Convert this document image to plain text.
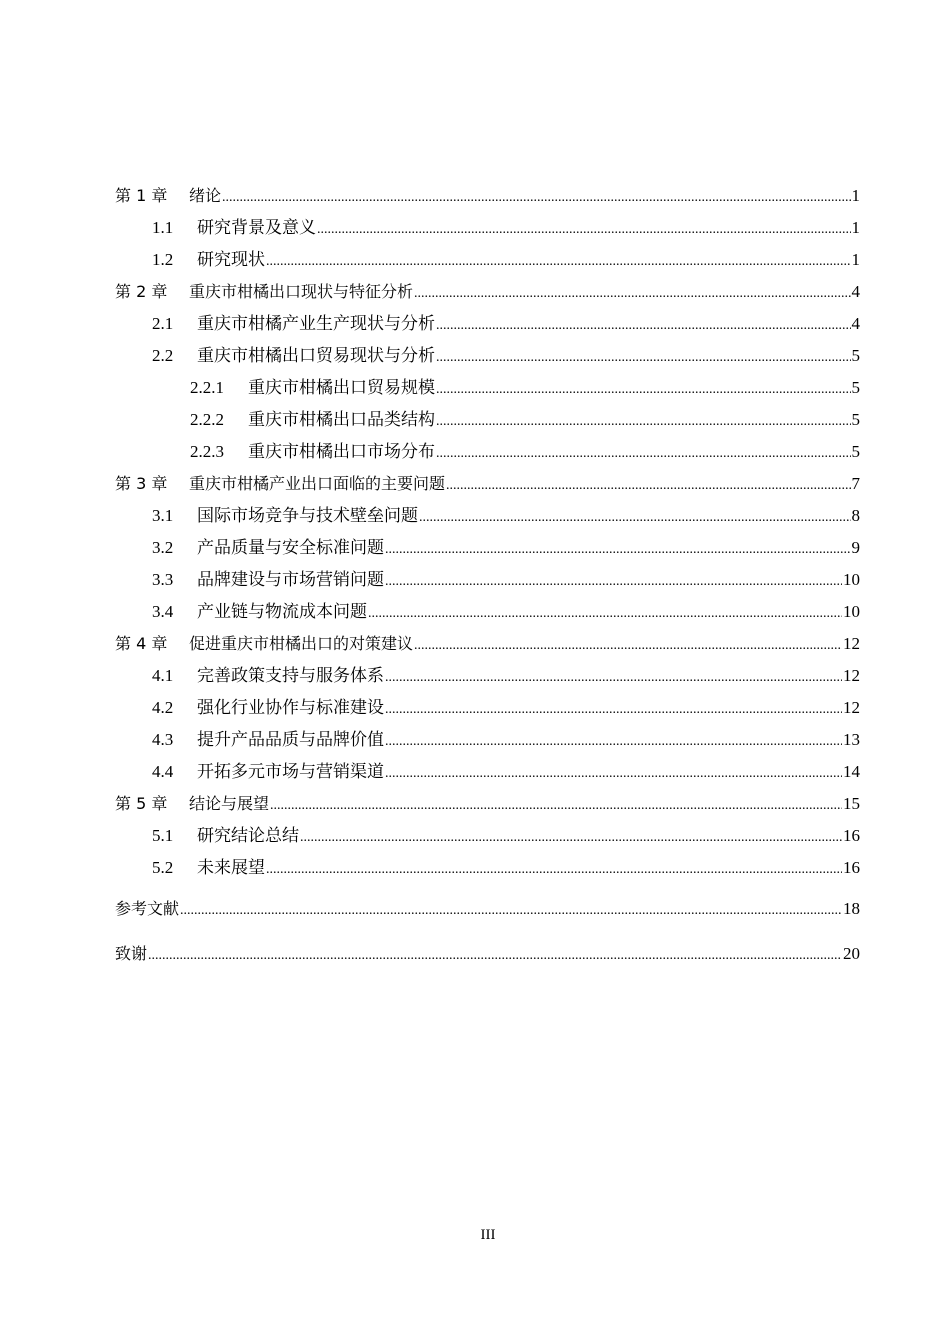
第 1 章	绪论 .....	1
1.1	研究背景及意义 .....	1
1.2	研究现状 .....	1
第 2 章	重庆市柑橘出口现状与特征分析 .....	4
2.1	重庆市柑橘产业生产现状与分析 .....	4
2.2	重庆市柑橘出口贸易现状与分析 .....	5
2.2.1	重庆市柑橘出口贸易规模 .....	5
2.2.2	重庆市柑橘出口品类结构 .....	5
2.2.3	重庆市柑橘出口市场分布 .....	5
第 3 章	重庆市柑橘产业出口面临的主要问题 .....	7
3.1	国际市场竞争与技术壁垒问题 .....	8
3.2	产品质量与安全标准问题 .....	9
3.3	品牌建设与市场营销问题 .....	10
3.4	产业链与物流成本问题 .....	10
第 4 章	促进重庆市柑橘出口的对策建议 .....	12
4.1	完善政策支持与服务体系 .....	12
4.2	强化行业协作与标准建设 .....	12
4.3	提升产品品质与品牌价值 .....	13
4.4	开拓多元市场与营销渠道 .....	14
第 5 章	结论与展望 .....	15
5.1	研究结论总结 .....	16
5.2	未来展望 .....	16
参考文献 .....	18
致谢 .....	20
III
